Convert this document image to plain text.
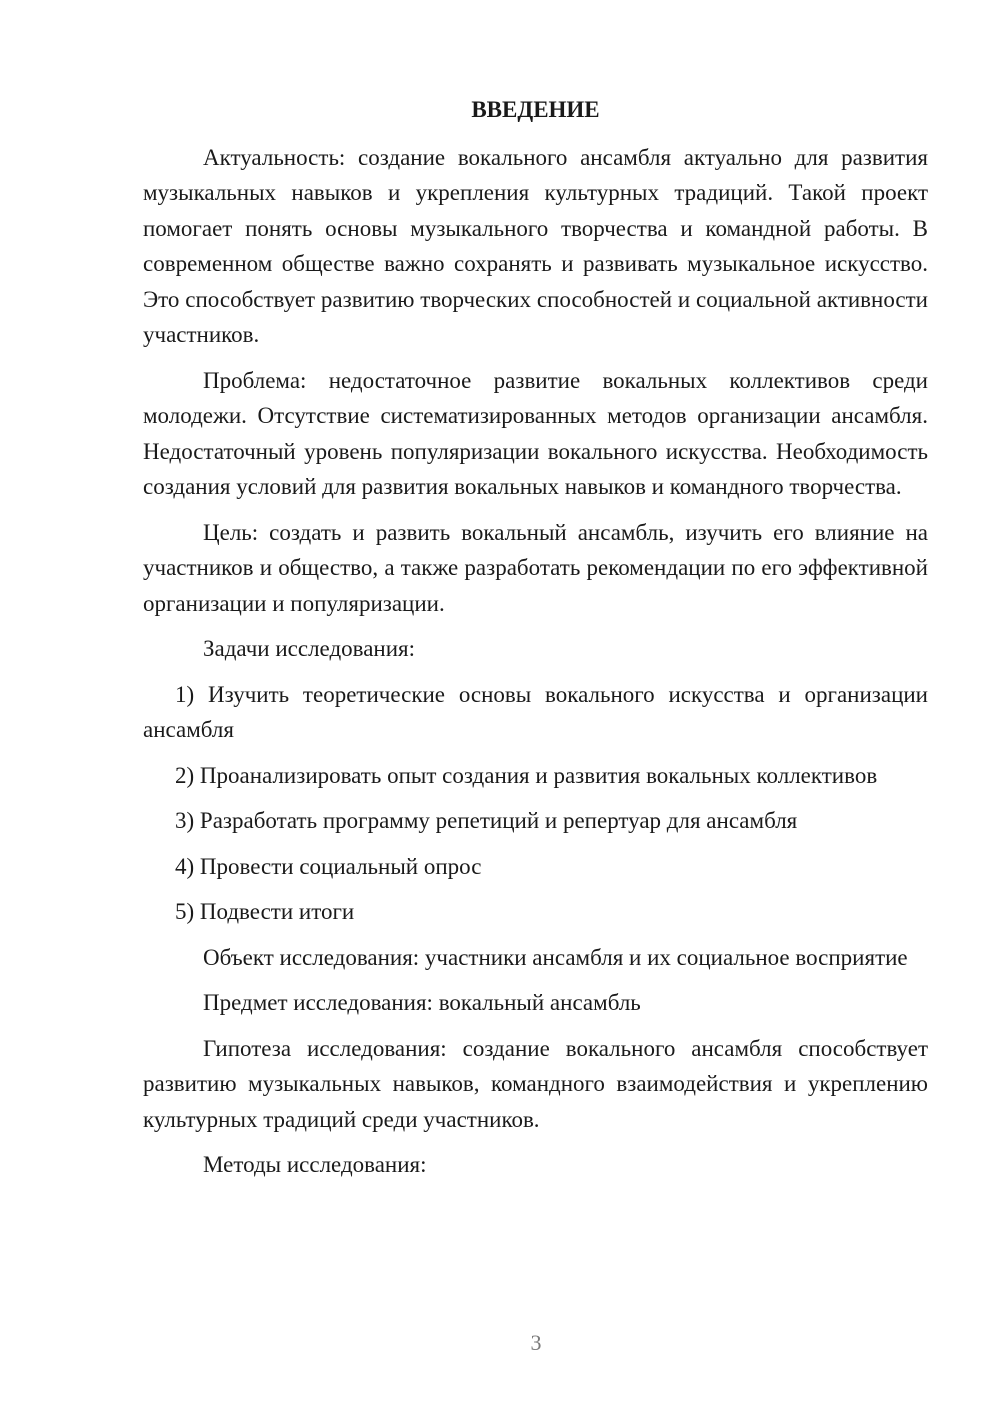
ВВЕДЕНИЕ

Актуальность: создание вокального ансамбля актуально для развития музыкальных навыков и укрепления культурных традиций. Такой проект помогает понять основы музыкального творчества и командной работы. В современном обществе важно сохранять и развивать музыкальное искусство. Это способствует развитию творческих способностей и социальной активности участников.

Проблема: недостаточное развитие вокальных коллективов среди молодежи. Отсутствие систематизированных методов организации ансамбля. Недостаточный уровень популяризации вокального искусства. Необходимость создания условий для развития вокальных навыков и командного творчества.

Цель: создать и развить вокальный ансамбль, изучить его влияние на участников и общество, а также разработать рекомендации по его эффективной организации и популяризации.

Задачи исследования:

1) Изучить теоретические основы вокального искусства и организации ансамбля

2) Проанализировать опыт создания и развития вокальных коллективов

3) Разработать программу репетиций и репертуар для ансамбля

4) Провести социальный опрос

5) Подвести итоги

Объект исследования: участники ансамбля и их социальное восприятие

Предмет исследования: вокальный ансамбль

Гипотеза исследования: создание вокального ансамбля способствует развитию музыкальных навыков, командного взаимодействия и укреплению культурных традиций среди участников.

Методы исследования:

3
